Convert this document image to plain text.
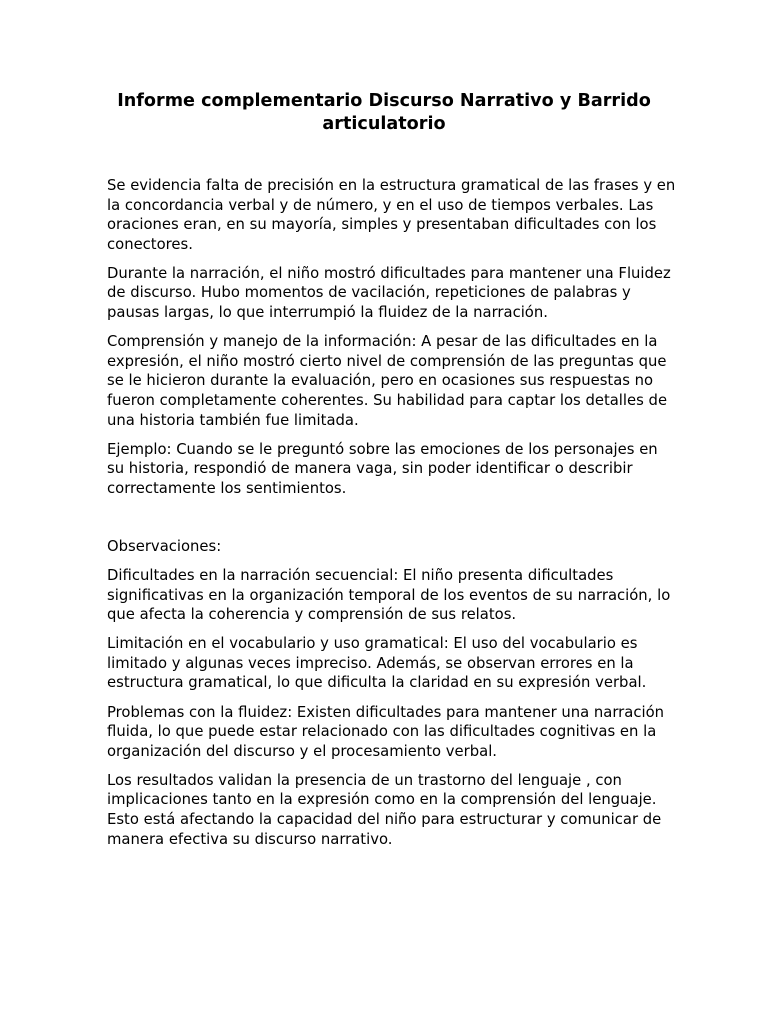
Informe complementario Discurso Narrativo y Barrido articulatorio

Se evidencia falta de precisión en la estructura gramatical de las frases y en la concordancia verbal y de número, y en el uso de tiempos verbales. Las oraciones eran, en su mayoría, simples y presentaban dificultades con los conectores.

Durante la narración, el niño mostró dificultades para mantener una Fluidez de discurso. Hubo momentos de vacilación, repeticiones de palabras y pausas largas, lo que interrumpió la fluidez de la narración.

Comprensión y manejo de la información: A pesar de las dificultades en la expresión, el niño mostró cierto nivel de comprensión de las preguntas que se le hicieron durante la evaluación, pero en ocasiones sus respuestas no fueron completamente coherentes. Su habilidad para captar los detalles de una historia también fue limitada.

Ejemplo: Cuando se le preguntó sobre las emociones de los personajes en su historia, respondió de manera vaga, sin poder identificar o describir correctamente los sentimientos.

Observaciones:

Dificultades en la narración secuencial: El niño presenta dificultades significativas en la organización temporal de los eventos de su narración, lo que afecta la coherencia y comprensión de sus relatos.

Limitación en el vocabulario y uso gramatical: El uso del vocabulario es limitado y algunas veces impreciso. Además, se observan errores en la estructura gramatical, lo que dificulta la claridad en su expresión verbal.

Problemas con la fluidez: Existen dificultades para mantener una narración fluida, lo que puede estar relacionado con las dificultades cognitivas en la organización del discurso y el procesamiento verbal.

Los resultados validan la presencia de un trastorno del lenguaje , con implicaciones tanto en la expresión como en la comprensión del lenguaje. Esto está afectando la capacidad del niño para estructurar y comunicar de manera efectiva su discurso narrativo.
